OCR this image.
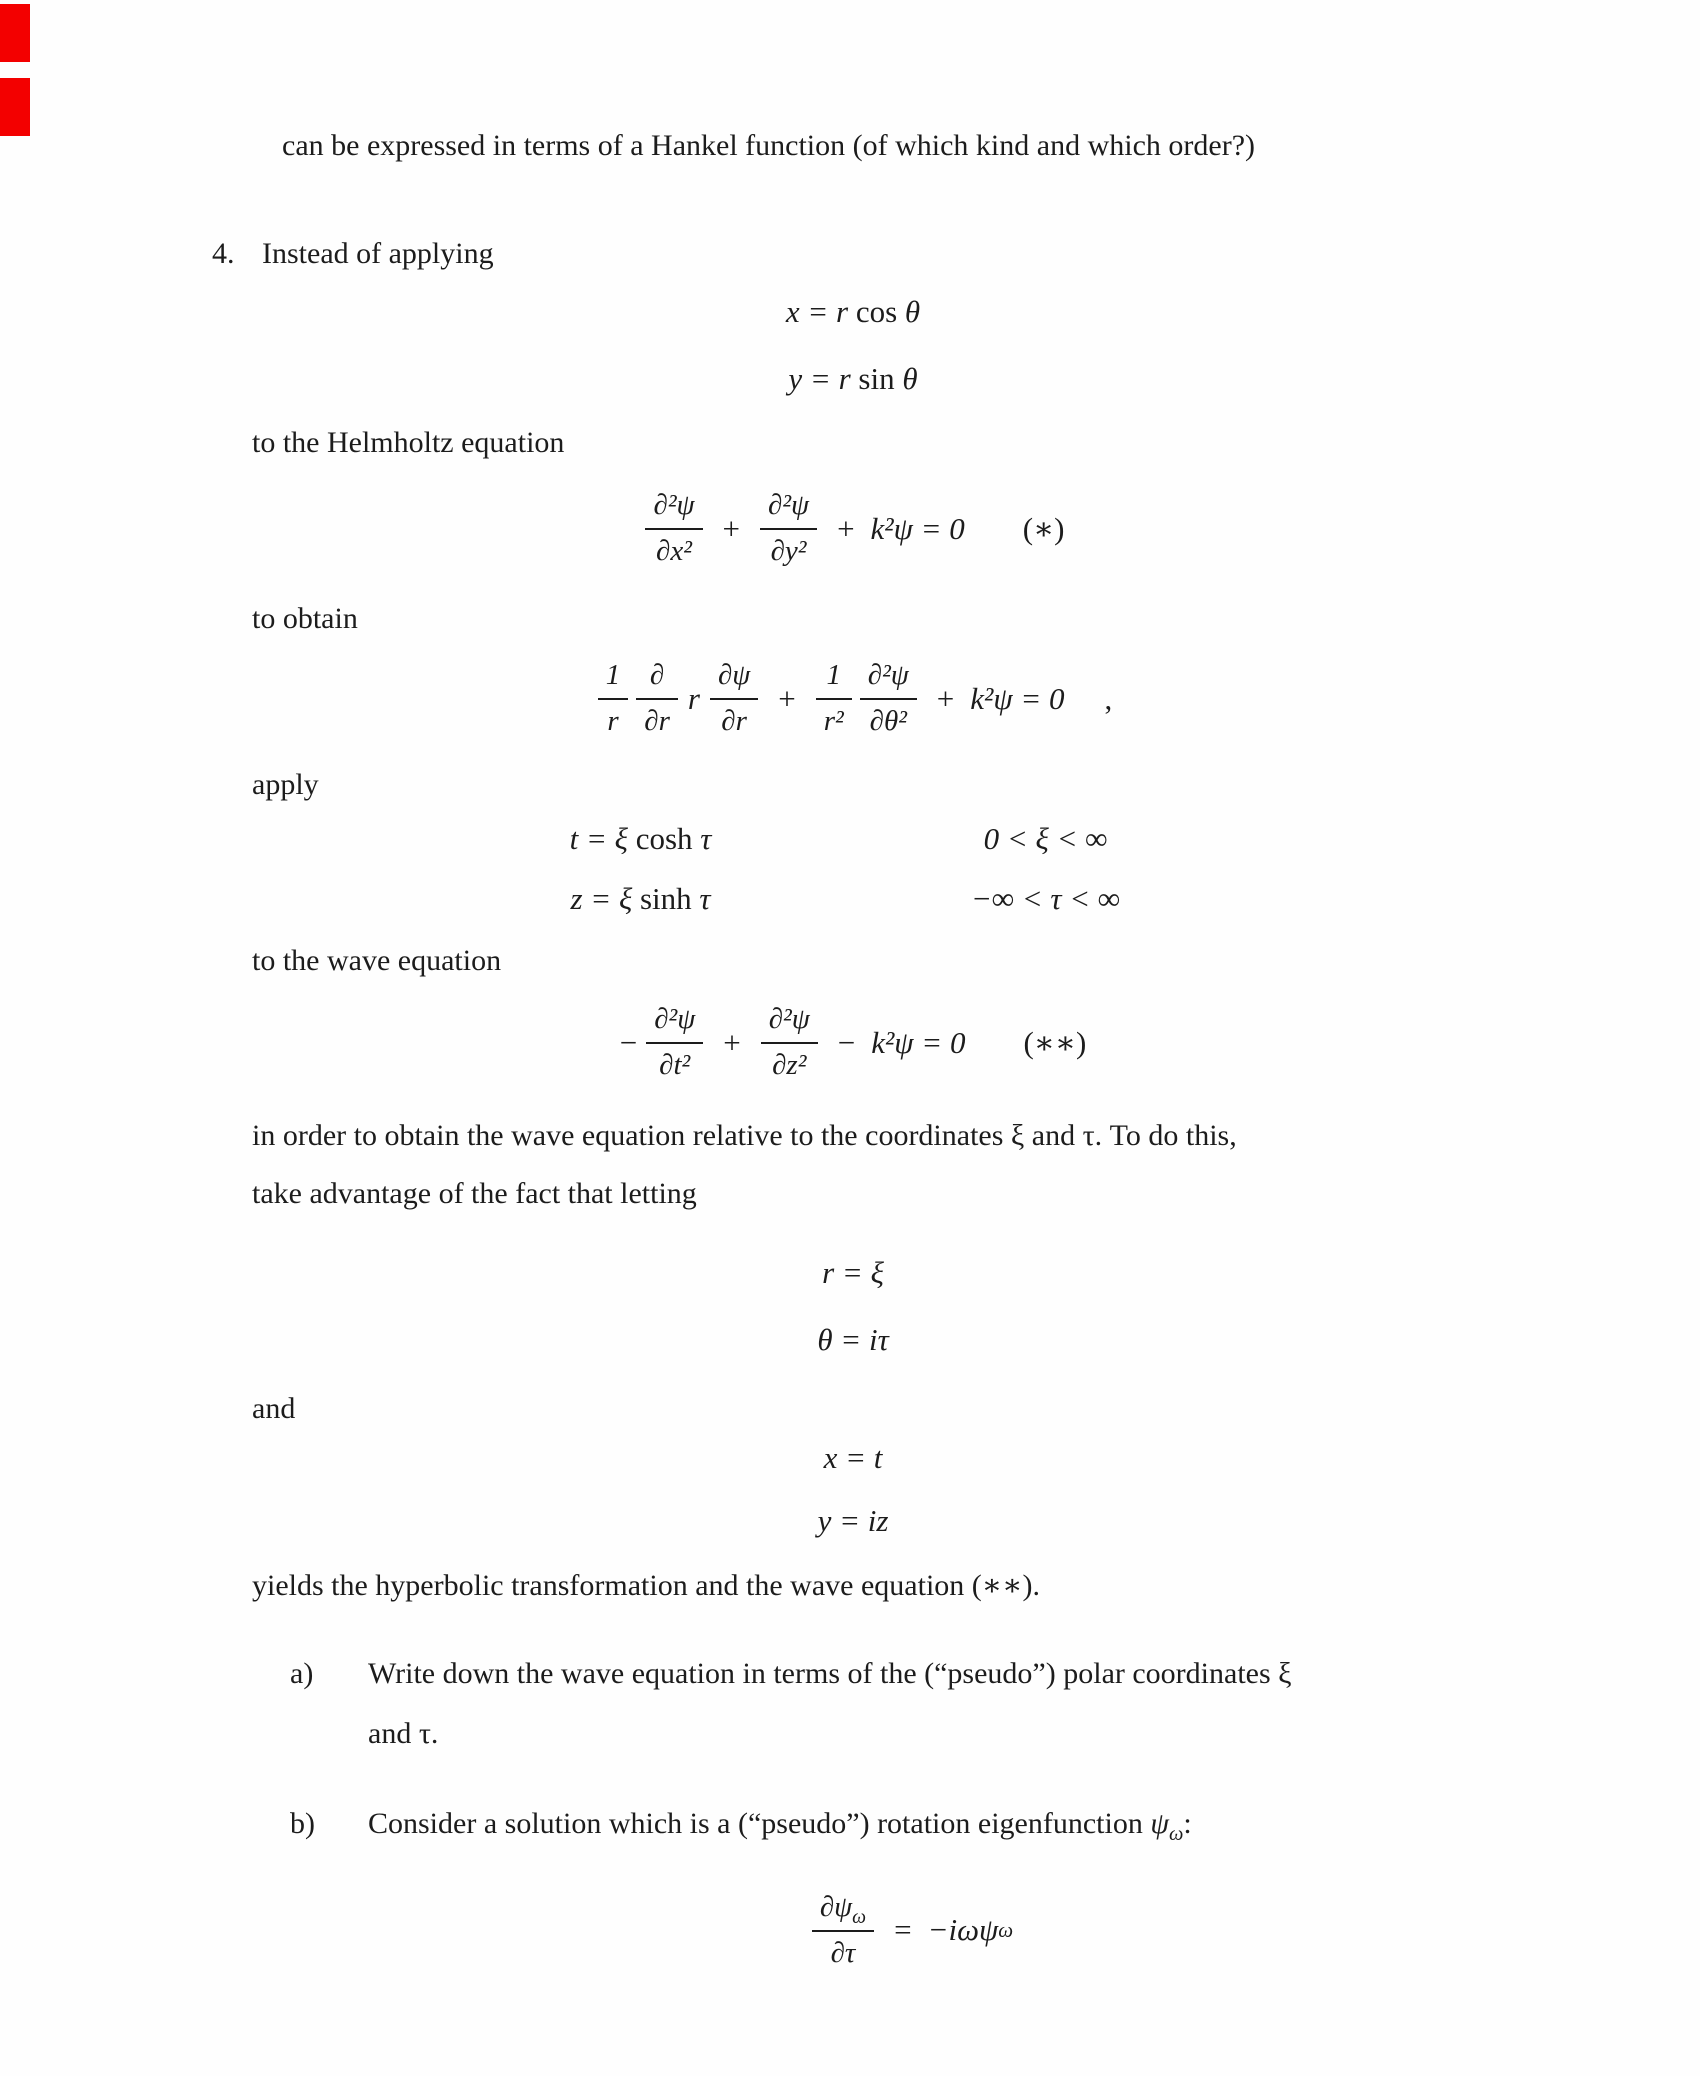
can be expressed in terms of a Hankel function (of which kind and which order?)

4. Instead of applying

x = r cos θ
y = r sin θ

to the Helmholtz equation

$\frac{\text{∂²ψ}}{\text{∂x²}} + \frac{\text{∂²ψ}}{\text{∂y²}} + k^2\psi = 0$ (∗)

to obtain

$\frac{1}{r} \frac{\partial}{\partial r}$ r $\frac{\partial\psi}{\partial r} + \frac{1}{\text{r²}} \frac{\text{∂²ψ}}{\text{∂θ²}} + k^2\psi = 0$ ,

apply

t = ξ cosh τ	0 < ξ < ∞
z = ξ sinh τ	−∞ < τ < ∞

to the wave equation

− $\frac{\text{∂²ψ}}{\text{∂t²}} + \frac{\text{∂²ψ}}{\text{∂z²}} - k^2\psi = 0$ (∗∗)
in order to obtain the wave equation relative to the coordinates ξ and τ. To do this,
take advantage of the fact that letting
r = ξ
θ = iτ

and

x = t
y = iz

yields the hyperbolic transformation and the wave equation (∗∗).

a)	Write down the wave equation in terms of the (“pseudo”) polar coordinates ξ
and τ.
b)	Consider a solution which is a (“pseudo”) rotation eigenfunction $\psi_\omega$:
$\frac{\partial\psi_\omega}{\partial\tau} = -i\omega\psi$ ω
